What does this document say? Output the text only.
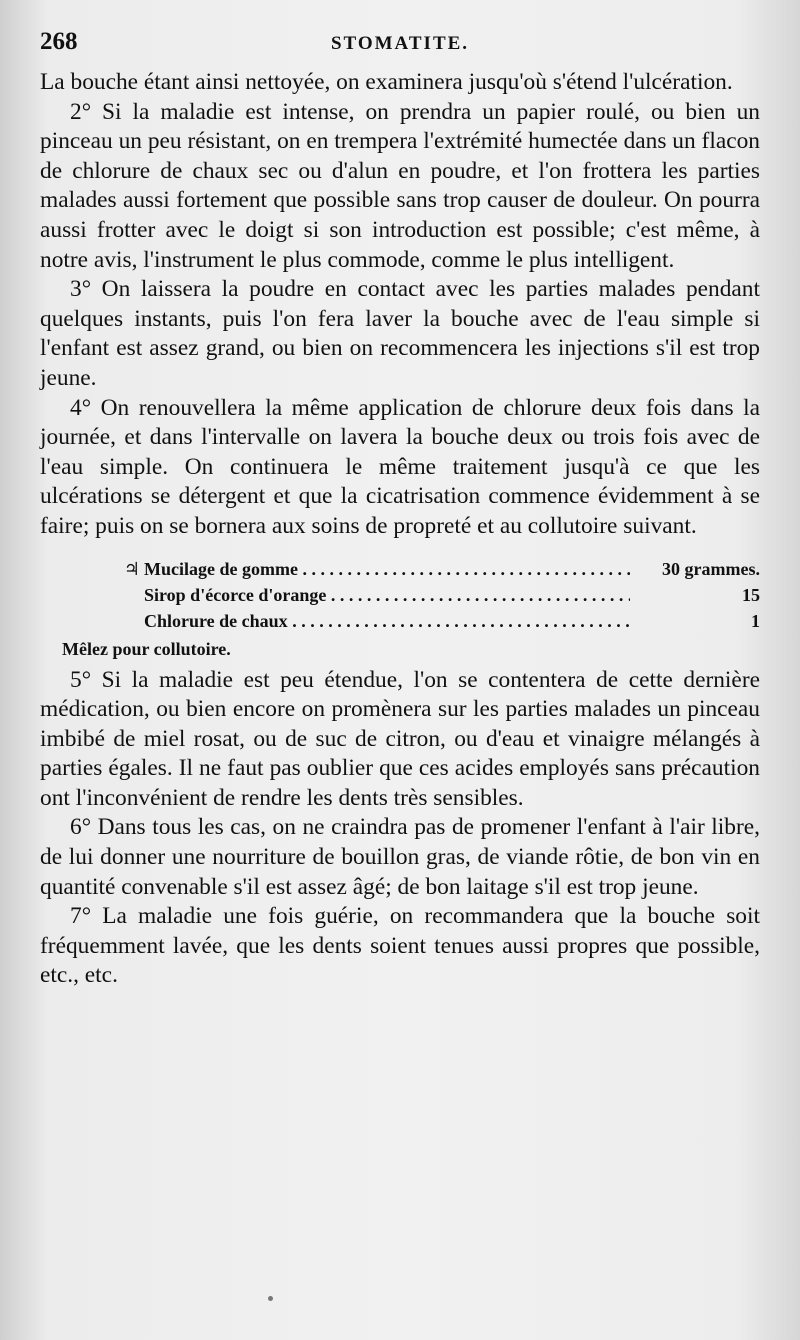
268	STOMATITE.

La bouche étant ainsi nettoyée, on examinera jusqu'où s'étend l'ulcération.

2° Si la maladie est intense, on prendra un papier roulé, ou bien un pinceau un peu résistant, on en trempera l'extrémité humectée dans un flacon de chlorure de chaux sec ou d'alun en poudre, et l'on frottera les parties malades aussi fortement que possible sans trop causer de douleur. On pourra aussi frotter avec le doigt si son introduction est possible; c'est même, à notre avis, l'instrument le plus commode, comme le plus intelligent.

3° On laissera la poudre en contact avec les parties malades pendant quelques instants, puis l'on fera laver la bouche avec de l'eau simple si l'enfant est assez grand, ou bien on recommencera les injections s'il est trop jeune.

4° On renouvellera la même application de chlorure deux fois dans la journée, et dans l'intervalle on lavera la bouche deux ou trois fois avec de l'eau simple. On continuera le même traitement jusqu'à ce que les ulcérations se détergent et que la cicatrisation commence évidemment à se faire; puis on se bornera aux soins de propreté et au collutoire suivant.

♃ Mucilage de gomme . . .	30 grammes.
Sirop d'écorce d'orange . . .	15
Chlorure de chaux . . .	1
Mêlez pour collutoire.

5° Si la maladie est peu étendue, l'on se contentera de cette dernière médication, ou bien encore on promènera sur les parties malades un pinceau imbibé de miel rosat, ou de suc de citron, ou d'eau et vinaigre mélangés à parties égales. Il ne faut pas oublier que ces acides employés sans précaution ont l'inconvénient de rendre les dents très sensibles.

6° Dans tous les cas, on ne craindra pas de promener l'enfant à l'air libre, de lui donner une nourriture de bouillon gras, de viande rôtie, de bon vin en quantité convenable s'il est assez âgé; de bon laitage s'il est trop jeune.

7° La maladie une fois guérie, on recommandera que la bouche soit fréquemment lavée, que les dents soient tenues aussi propres que possible, etc., etc.
